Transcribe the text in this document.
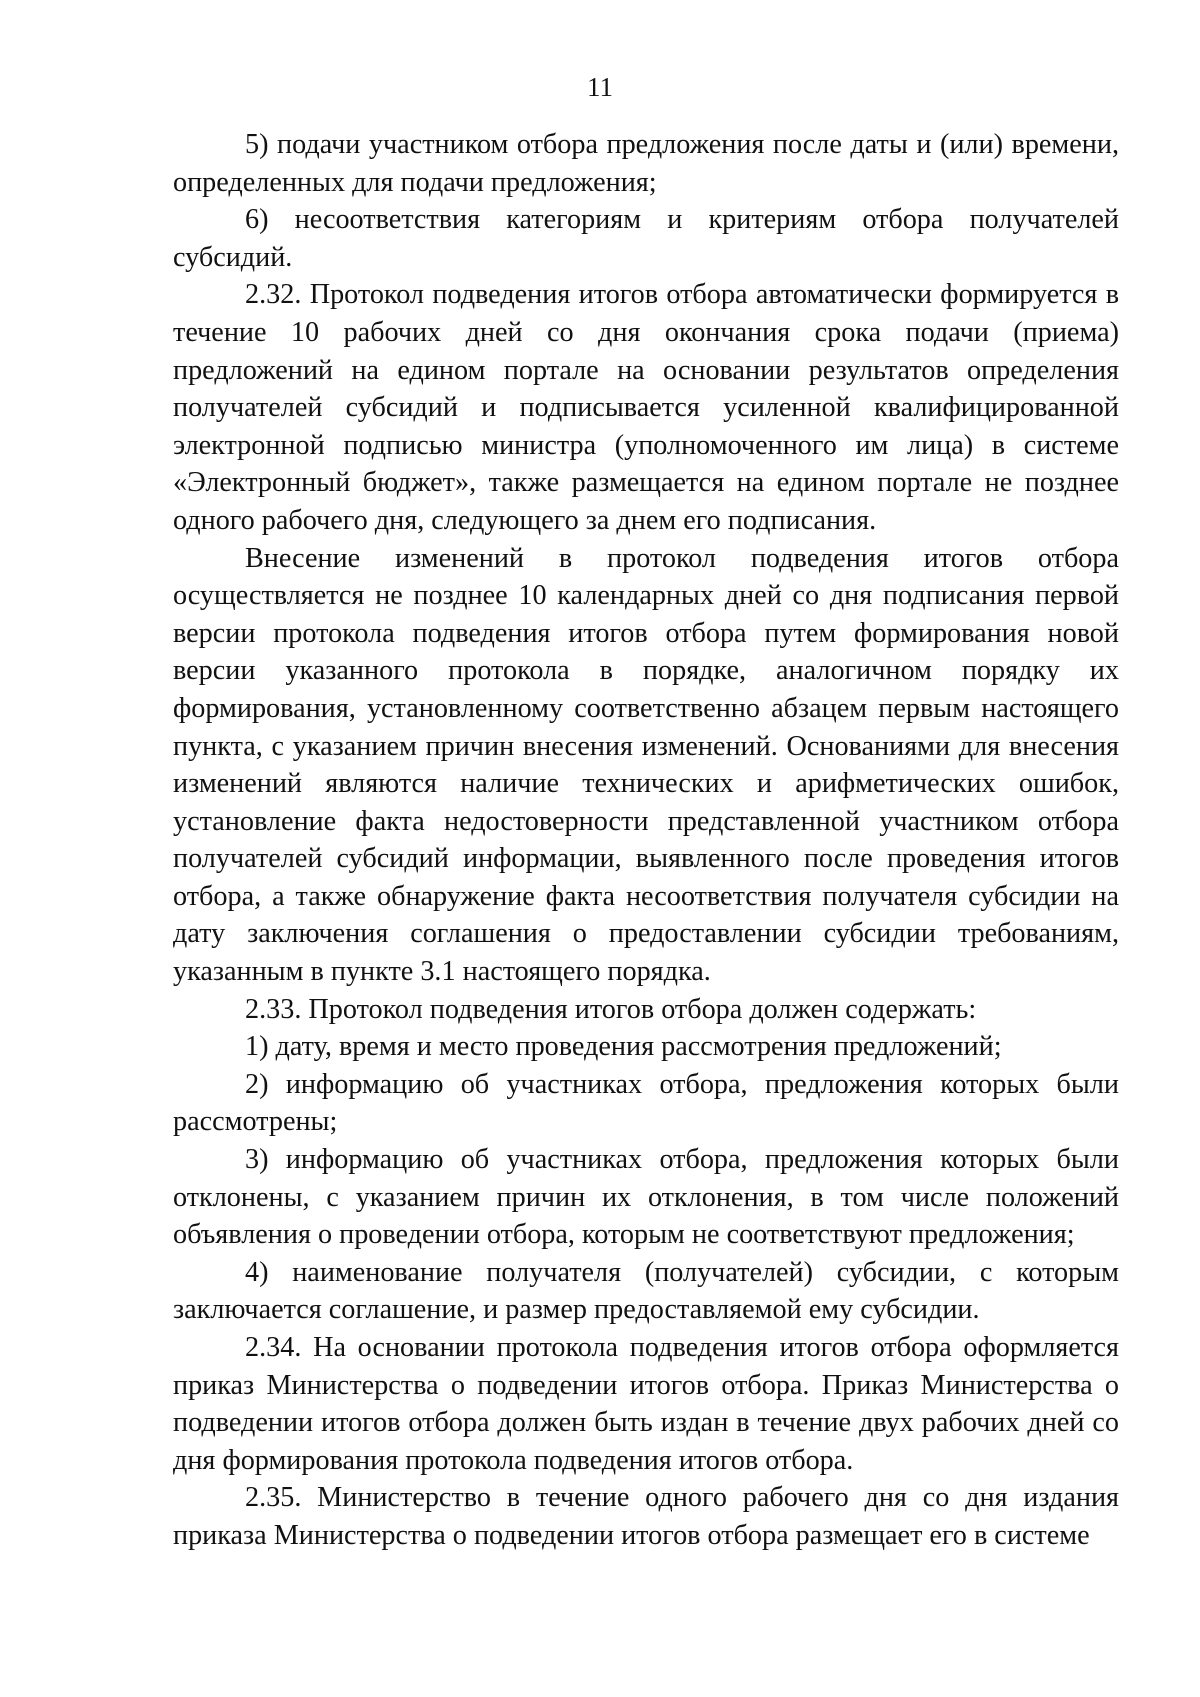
11

5) подачи участником отбора предложения после даты и (или) времени, определенных для подачи предложения;

6) несоответствия категориям и критериям отбора получателей субсидий.

2.32. Протокол подведения итогов отбора автоматически формируется в течение 10 рабочих дней со дня окончания срока подачи (приема) предложений на едином портале на основании результатов определения получателей субсидий и подписывается усиленной квалифицированной электронной подписью министра (уполномоченного им лица) в системе «Электронный бюджет», также размещается на едином портале не позднее одного рабочего дня, следующего за днем его подписания.

Внесение изменений в протокол подведения итогов отбора осуществляется не позднее 10 календарных дней со дня подписания первой версии протокола подведения итогов отбора путем формирования новой версии указанного протокола в порядке, аналогичном порядку их формирования, установленному соответственно абзацем первым настоящего пункта, с указанием причин внесения изменений. Основаниями для внесения изменений являются наличие технических и арифметических ошибок, установление факта недостоверности представленной участником отбора получателей субсидий информации, выявленного после проведения итогов отбора, а также обнаружение факта несоответствия получателя субсидии на дату заключения соглашения о предоставлении субсидии требованиям, указанным в пункте 3.1 настоящего порядка.

2.33. Протокол подведения итогов отбора должен содержать:

1) дату, время и место проведения рассмотрения предложений;

2) информацию об участниках отбора, предложения которых были рассмотрены;

3) информацию об участниках отбора, предложения которых были отклонены, с указанием причин их отклонения, в том числе положений объявления о проведении отбора, которым не соответствуют предложения;

4) наименование получателя (получателей) субсидии, с которым заключается соглашение, и размер предоставляемой ему субсидии.

2.34. На основании протокола подведения итогов отбора оформляется приказ Министерства о подведении итогов отбора. Приказ Министерства о подведении итогов отбора должен быть издан в течение двух рабочих дней со дня формирования протокола подведения итогов отбора.

2.35. Министерство в течение одного рабочего дня со дня издания приказа Министерства о подведении итогов отбора размещает его в системе
